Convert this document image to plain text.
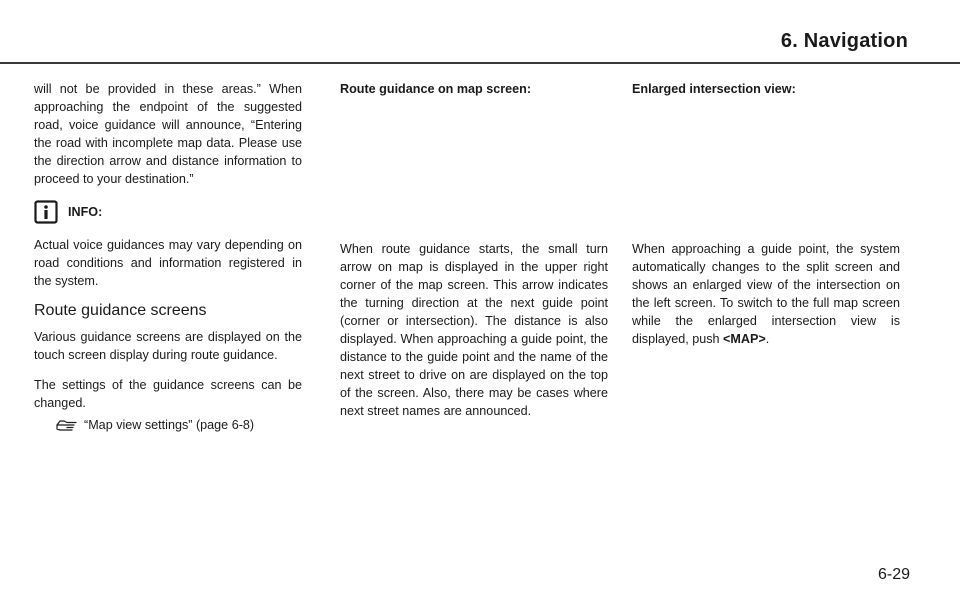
6. Navigation

will not be provided in these areas.” When approaching the endpoint of the suggested road, voice guidance will announce, “Entering the road with incomplete map data. Please use the direction arrow and distance information to proceed to your destination.”

INFO:

Actual voice guidances may vary depending on road conditions and information registered in the system.

Route guidance screens

Various guidance screens are displayed on the touch screen display during route guidance.

The settings of the guidance screens can be changed.

“Map view settings” (page 6-8)
Route guidance on map screen:

When route guidance starts, the small turn arrow on map is displayed in the upper right corner of the map screen. This arrow indicates the turning direction at the next guide point (corner or intersection). The distance is also displayed. When approaching a guide point, the distance to the guide point and the name of the next street to drive on are displayed on the top of the screen. Also, there may be cases where next street names are announced.

Enlarged intersection view:

When approaching a guide point, the system automatically changes to the split screen and shows an enlarged view of the intersection on the left screen. To switch to the full map screen while the enlarged intersection view is displayed, push <MAP>.

6-29
